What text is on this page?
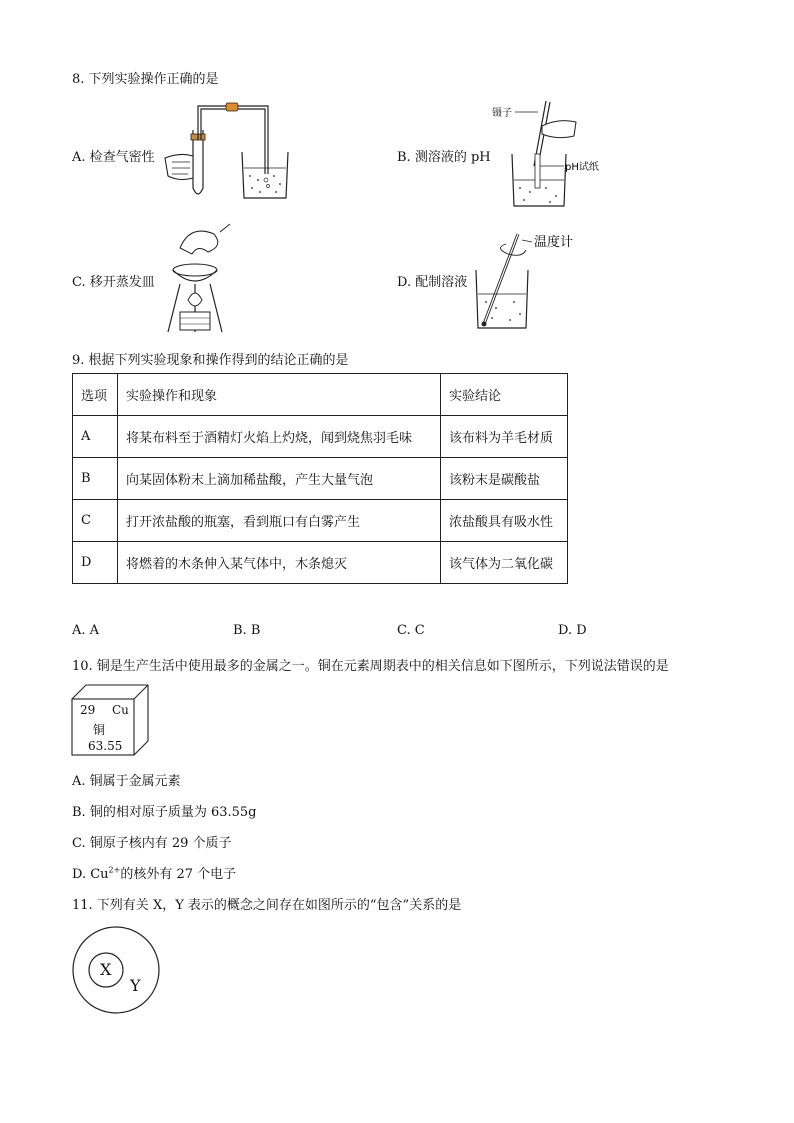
8. 下列实验操作正确的是
A. 检查气密性	B. 测溶液的 pH
镊子
pH试纸
C. 移开蒸发皿	D. 配制溶液
温度计
9. 根据下列实验现象和操作得到的结论正确的是
选项	实验操作和现象	实验结论
A	将某布料至于酒精灯火焰上灼烧，闻到烧焦羽毛味	该布料为羊毛材质
B	向某固体粉末上滴加稀盐酸，产生大量气泡	该粉末是碳酸盐
C	打开浓盐酸的瓶塞，看到瓶口有白雾产生	浓盐酸具有吸水性
D	将燃着的木条伸入某气体中，木条熄灭	该气体为二氧化碳
A. A	B. B	C. C	D. D
10. 铜是生产生活中使用最多的金属之一。铜在元素周期表中的相关信息如下图所示，下列说法错误的是
29 Cu
铜
63.55
A. 铜属于金属元素
B. 铜的相对原子质量为 63.55g
C. 铜原子核内有 29 个质子
D. $Cu^{2+}$的核外有 27 个电子
11. 下列有关 X，Y 表示的概念之间存在如图所示的“包含”关系的是
X
Y
